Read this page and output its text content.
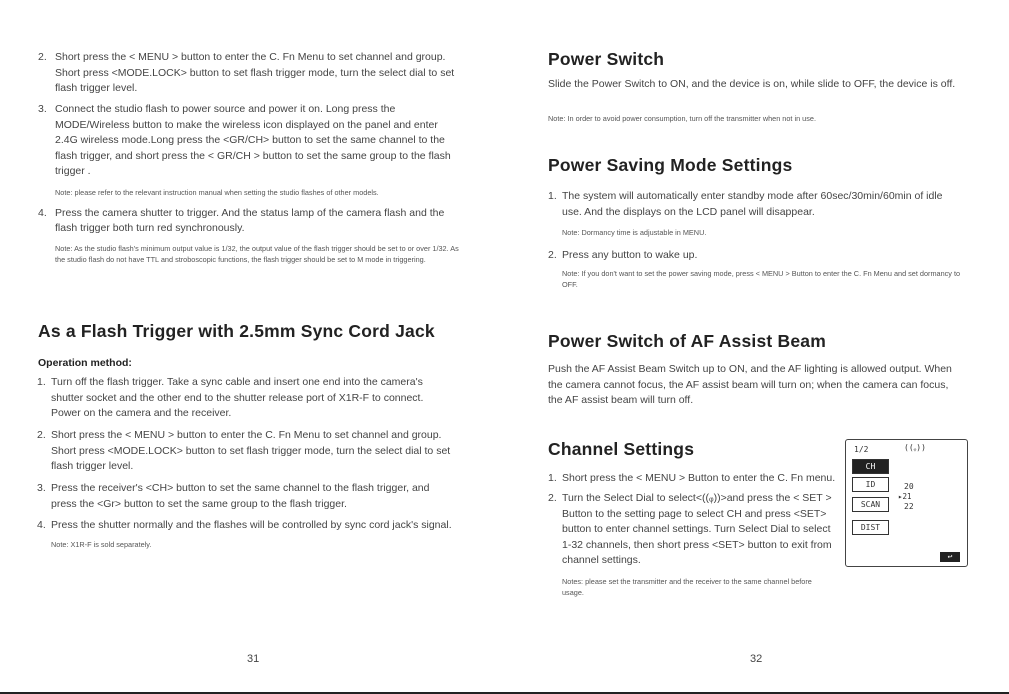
2. Short press the < MENU > button to enter the C. Fn Menu to set channel and group. Short press <MODE.LOCK> button to set flash trigger mode, turn the select dial to set flash trigger level.
3. Connect the studio flash to power source and power it on. Long press the MODE/Wireless button to make the wireless icon displayed on the panel and enter 2.4G wireless mode.Long press the <GR/CH> button to set the same channel to the flash trigger, and short press the < GR/CH > button to set the same group to the flash trigger .
Note: please refer to the relevant instruction manual when setting the studio flashes of other models.
4. Press the camera shutter to trigger. And the status lamp of the camera flash and the flash trigger both turn red synchronously.
Note: As the studio flash's minimum output value is 1/32, the output value of the flash trigger should be set to or over 1/32. As the studio flash do not have TTL and stroboscopic functions, the flash trigger should be set to M mode in triggering.
As a Flash Trigger with 2.5mm Sync Cord Jack
Operation method:
1. Turn off the flash trigger. Take a sync cable and insert one end into the camera's shutter socket and the other end to the shutter release port of X1R-F to connect. Power on the camera and the receiver.
2. Short press the < MENU > button to enter the C. Fn Menu to set channel and group. Short press <MODE.LOCK> button to set flash trigger mode, turn the select dial to set flash trigger level.
3. Press the receiver's <CH> button to set the same channel to the flash trigger, and press the <Gr> button to set the same group to the flash trigger.
4. Press the shutter normally and the flashes will be controlled by sync cord jack's signal.
Note: X1R-F is sold separately.
31
Power Switch
Slide the Power Switch to ON, and the device is on, while slide to OFF, the device is off.
Note: In order to avoid power consumption, turn off the transmitter when not in use.
Power Saving Mode Settings
1. The system will automatically enter standby mode after 60sec/30min/60min of idle use. And the displays on the LCD panel will disappear.
Note: Dormancy time is adjustable in MENU.
2. Press any button to wake up.
Note: If you don't want to set the power saving mode, press < MENU > Button to enter the C. Fn Menu and set dormancy to OFF.
Power Switch of AF Assist Beam
Push the AF Assist Beam Switch up to ON, and the AF lighting is allowed output. When the camera cannot focus, the AF assist beam will turn on; when the camera can focus, the AF assist beam will turn off.
Channel Settings
1. Short press the < MENU > Button to enter the C. Fn menu.
2. Turn the Select Dial to select<((ᵩ))>and press the < SET > Button to the setting page to select CH and press <SET> button to enter channel settings. Turn Select Dial to select 1-32 channels, then short press <SET> button to exit from channel settings.
Notes: please set the transmitter and the receiver to the same channel before usage.
1/2	((ᵩ))
CH
ID
SCAN
DIST
20
▸21
22
↩
32
